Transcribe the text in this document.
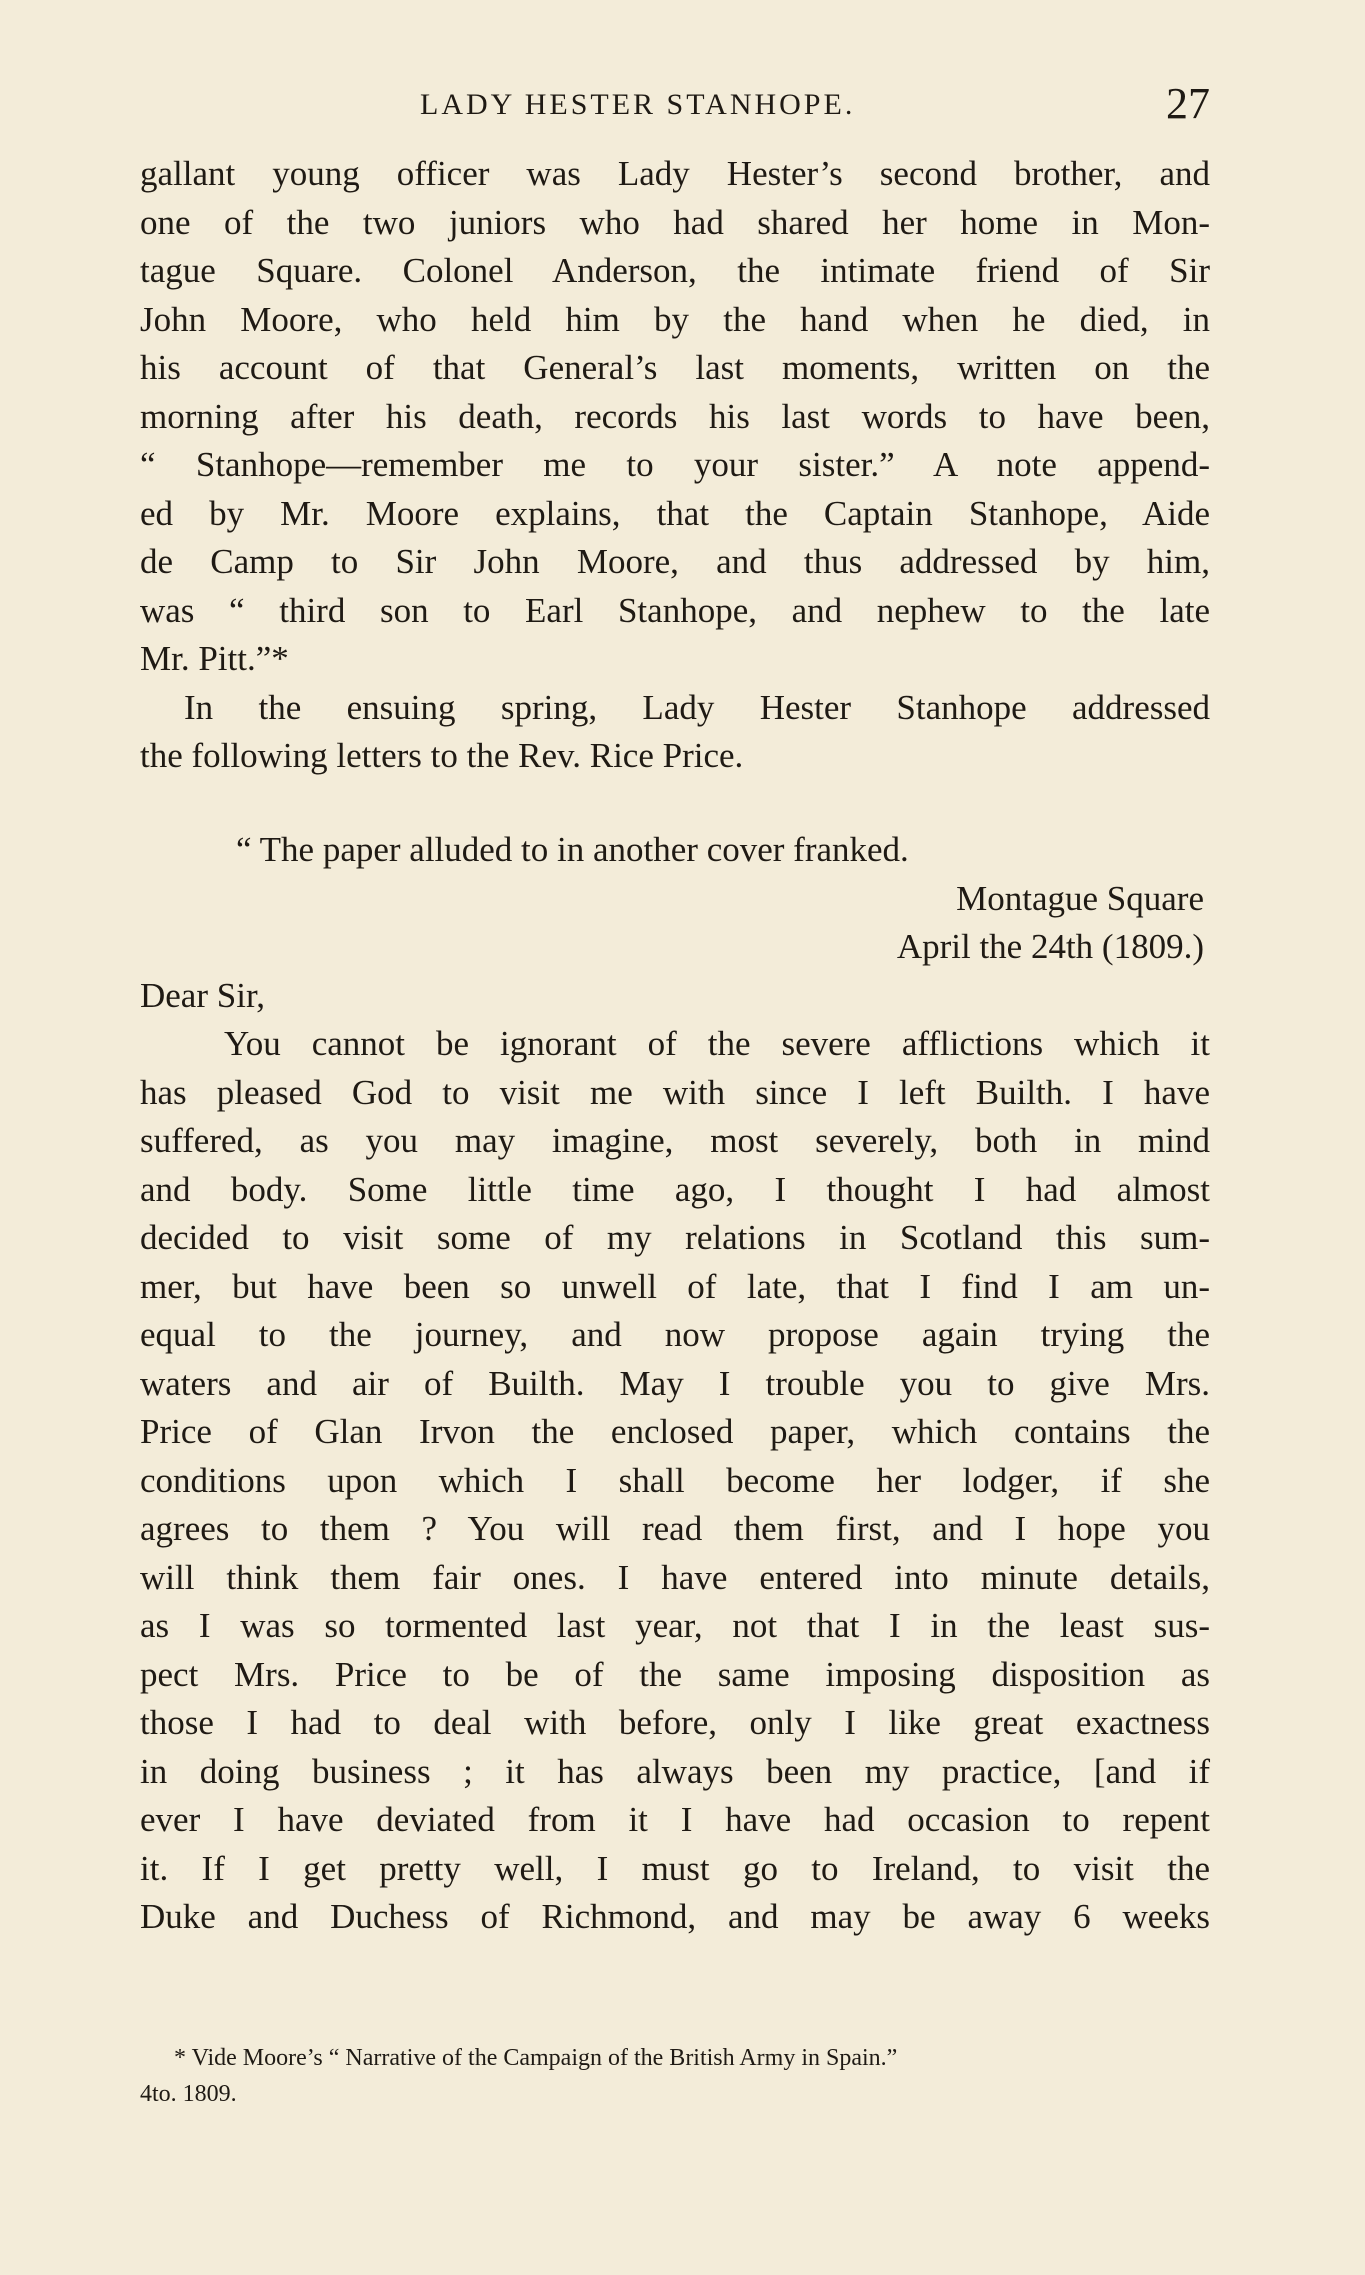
LADY HESTER STANHOPE.	27
gallant young officer was Lady Hester’s second brother, and
one of the two juniors who had shared her home in Mon-
tague Square. Colonel Anderson, the intimate friend of Sir
John Moore, who held him by the hand when he died, in
his account of that General’s last moments, written on the
morning after his death, records his last words to have been,
“ Stanhope—remember me to your sister.” A note append-
ed by Mr. Moore explains, that the Captain Stanhope, Aide
de Camp to Sir John Moore, and thus addressed by him,
was “ third son to Earl Stanhope, and nephew to the late
Mr. Pitt.”*
In the ensuing spring, Lady Hester Stanhope addressed
the following letters to the Rev. Rice Price.

“ The paper alluded to in another cover franked.

Montague Square

April the 24th (1809.)

Dear Sir,

You cannot be ignorant of the severe afflictions which it
has pleased God to visit me with since I left Builth. I have
suffered, as you may imagine, most severely, both in mind
and body. Some little time ago, I thought I had almost
decided to visit some of my relations in Scotland this sum-
mer, but have been so unwell of late, that I find I am un-
equal to the journey, and now propose again trying the
waters and air of Builth. May I trouble you to give Mrs.
Price of Glan Irvon the enclosed paper, which contains the
conditions upon which I shall become her lodger, if she
agrees to them ? You will read them first, and I hope you
will think them fair ones. I have entered into minute details,
as I was so tormented last year, not that I in the least sus-
pect Mrs. Price to be of the same imposing disposition as
those I had to deal with before, only I like great exactness
in doing business ; it has always been my practice, [and if
ever I have deviated from it I have had occasion to repent
it. If I get pretty well, I must go to Ireland, to visit the
Duke and Duchess of Richmond, and may be away 6 weeks
* Vide Moore’s “ Narrative of the Campaign of the British Army in Spain.”
4to. 1809.
